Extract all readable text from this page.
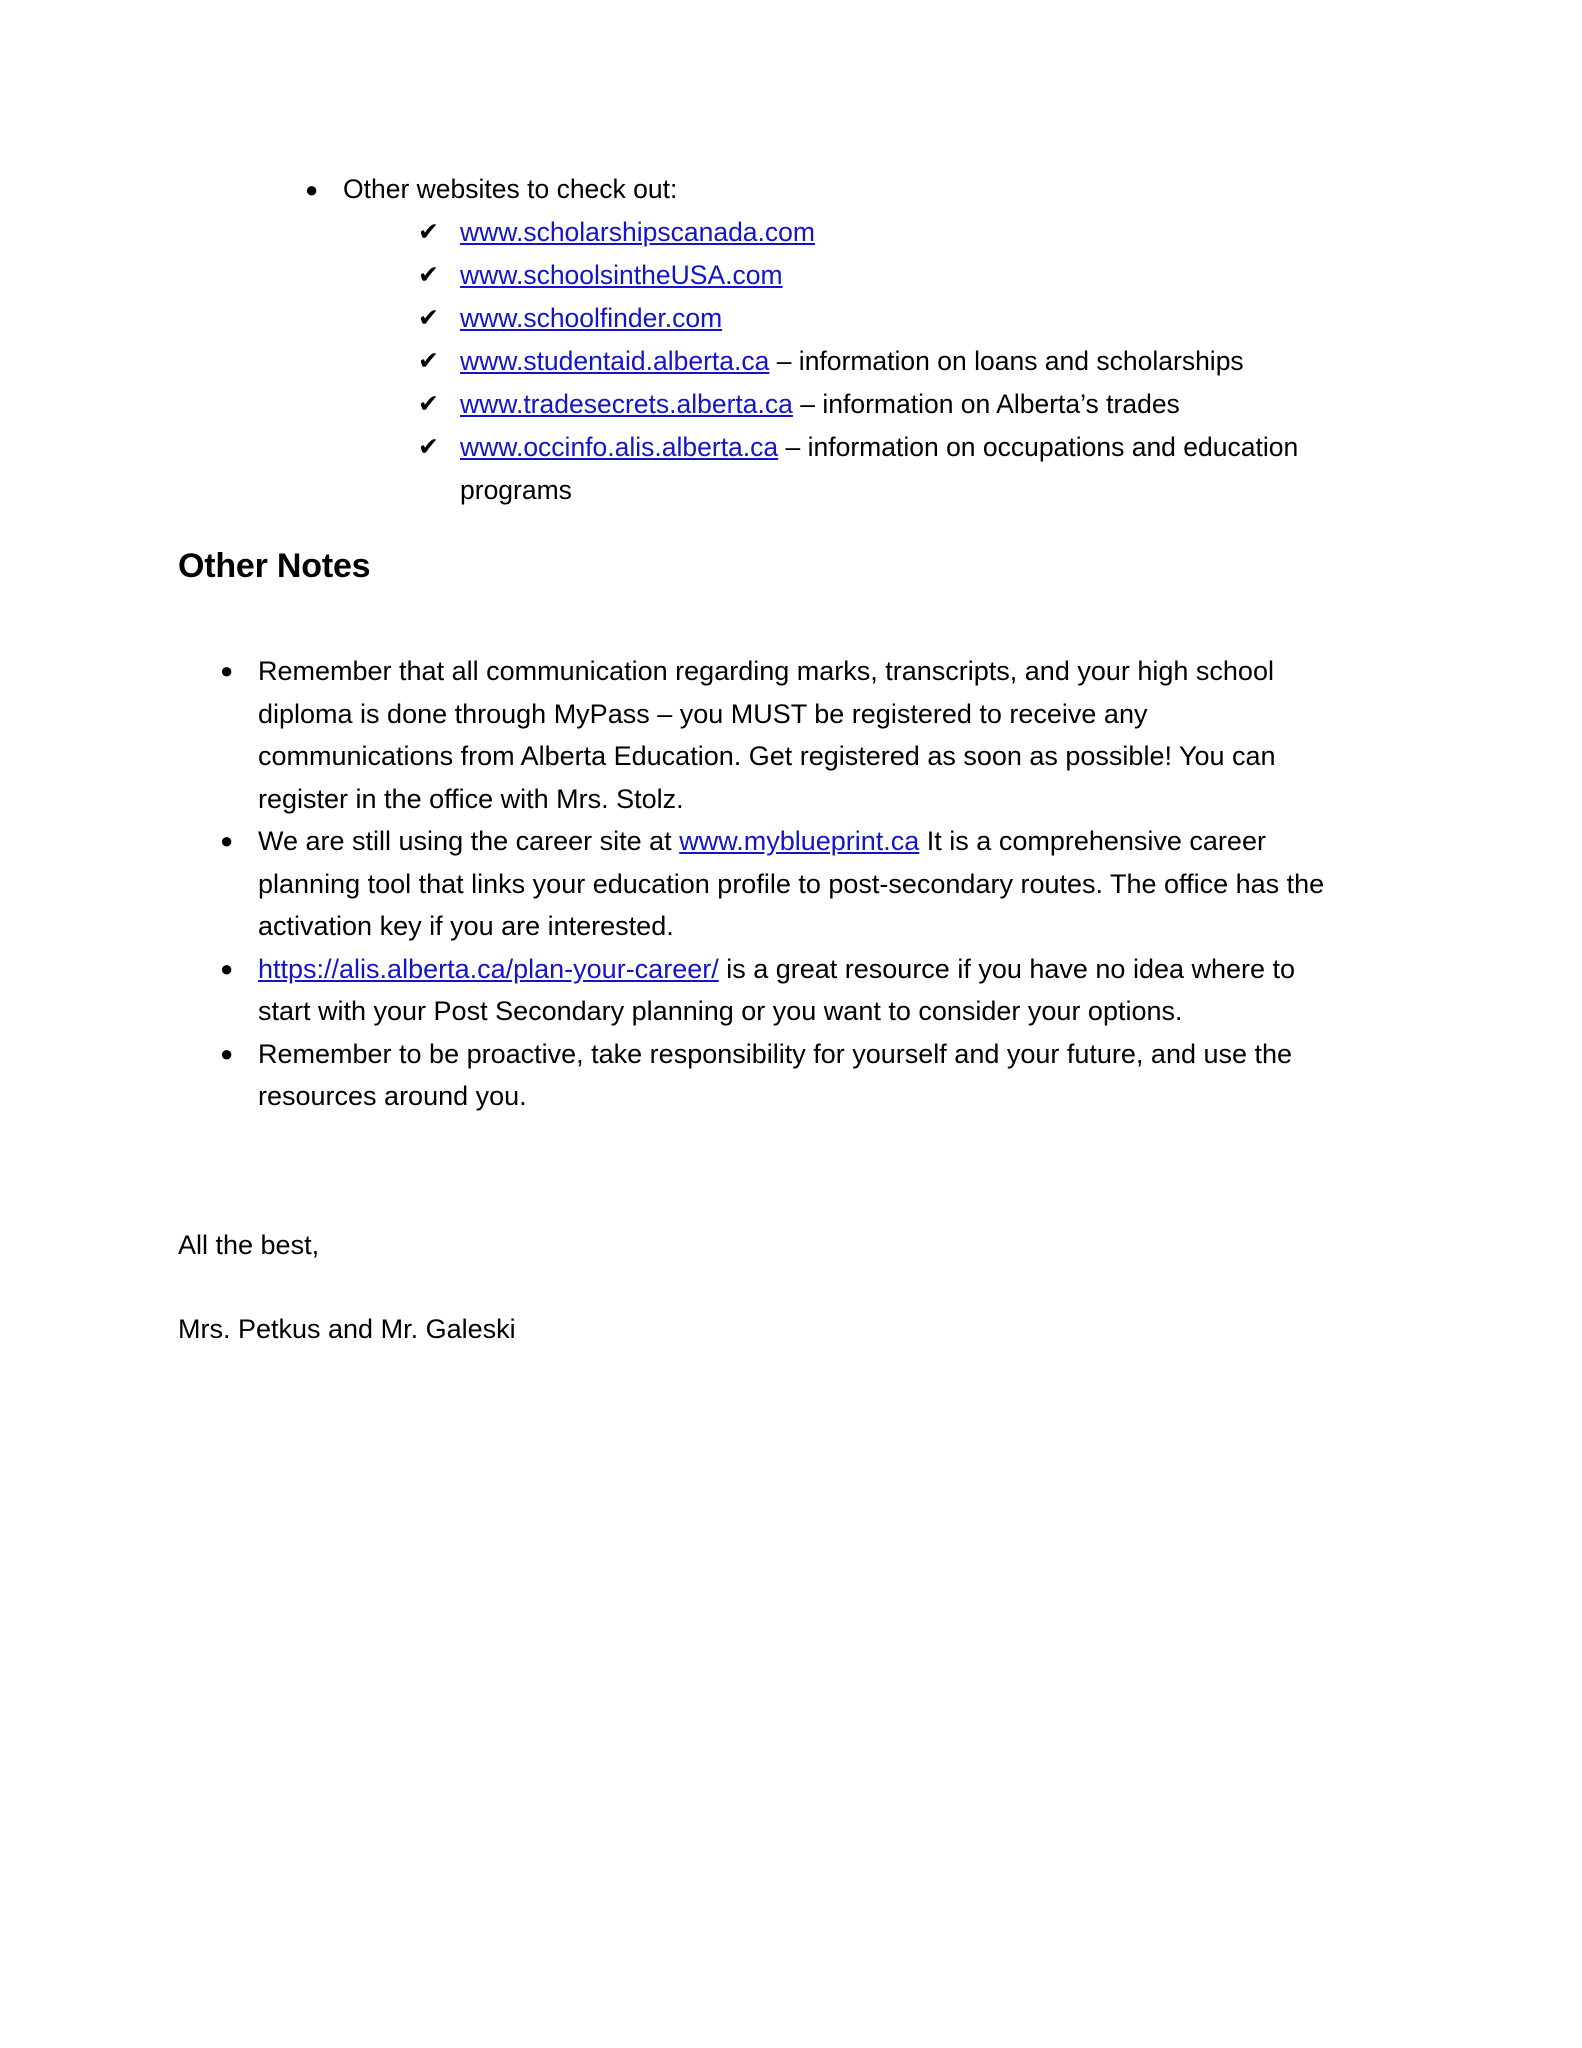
● Other websites to check out:
✔ www.scholarshipscanada.com
✔ www.schoolsintheUSA.com
✔ www.schoolfinder.com
✔ www.studentaid.alberta.ca – information on loans and scholarships
✔ www.tradesecrets.alberta.ca – information on Alberta’s trades
✔ www.occinfo.alis.alberta.ca – information on occupations and education programs
Other Notes
● Remember that all communication regarding marks, transcripts, and your high school diploma is done through MyPass – you MUST be registered to receive any communications from Alberta Education. Get registered as soon as possible! You can register in the office with Mrs. Stolz.
● We are still using the career site at www.myblueprint.ca It is a comprehensive career planning tool that links your education profile to post-secondary routes. The office has the activation key if you are interested.
● https://alis.alberta.ca/plan-your-career/ is a great resource if you have no idea where to start with your Post Secondary planning or you want to consider your options.
● Remember to be proactive, take responsibility for yourself and your future, and use the resources around you.

All the best,

Mrs. Petkus and Mr. Galeski
